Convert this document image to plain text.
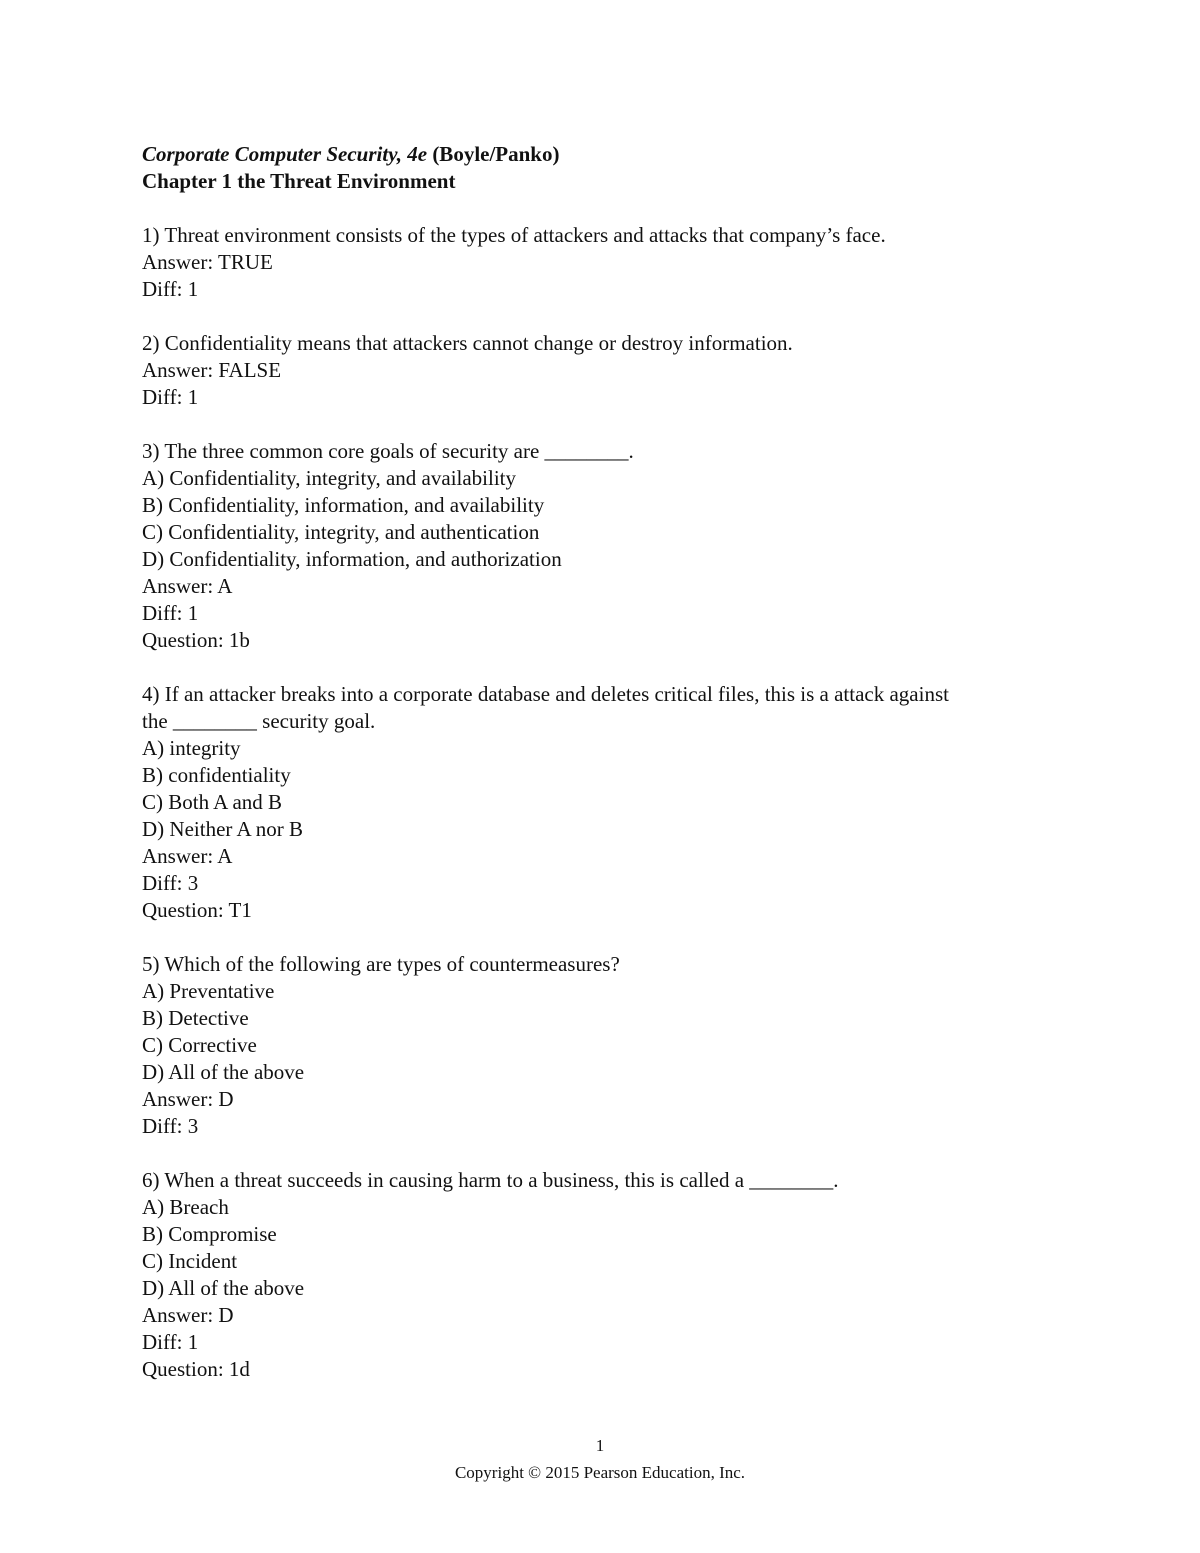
Corporate Computer Security, 4e (Boyle/Panko)
Chapter 1 the Threat Environment
1) Threat environment consists of the types of attackers and attacks that company’s face.
Answer: TRUE
Diff: 1
2) Confidentiality means that attackers cannot change or destroy information.
Answer: FALSE
Diff: 1
3) The three common core goals of security are ________.
A) Confidentiality, integrity, and availability
B) Confidentiality, information, and availability
C) Confidentiality, integrity, and authentication
D) Confidentiality, information, and authorization
Answer: A
Diff: 1
Question: 1b
4) If an attacker breaks into a corporate database and deletes critical files, this is a attack against
the ________ security goal.
A) integrity
B) confidentiality
C) Both A and B
D) Neither A nor B
Answer: A
Diff: 3
Question: T1
5) Which of the following are types of countermeasures?
A) Preventative
B) Detective
C) Corrective
D) All of the above
Answer: D
Diff: 3
6) When a threat succeeds in causing harm to a business, this is called a ________.
A) Breach
B) Compromise
C) Incident
D) All of the above
Answer: D
Diff: 1
Question: 1d
1
Copyright © 2015 Pearson Education, Inc.
